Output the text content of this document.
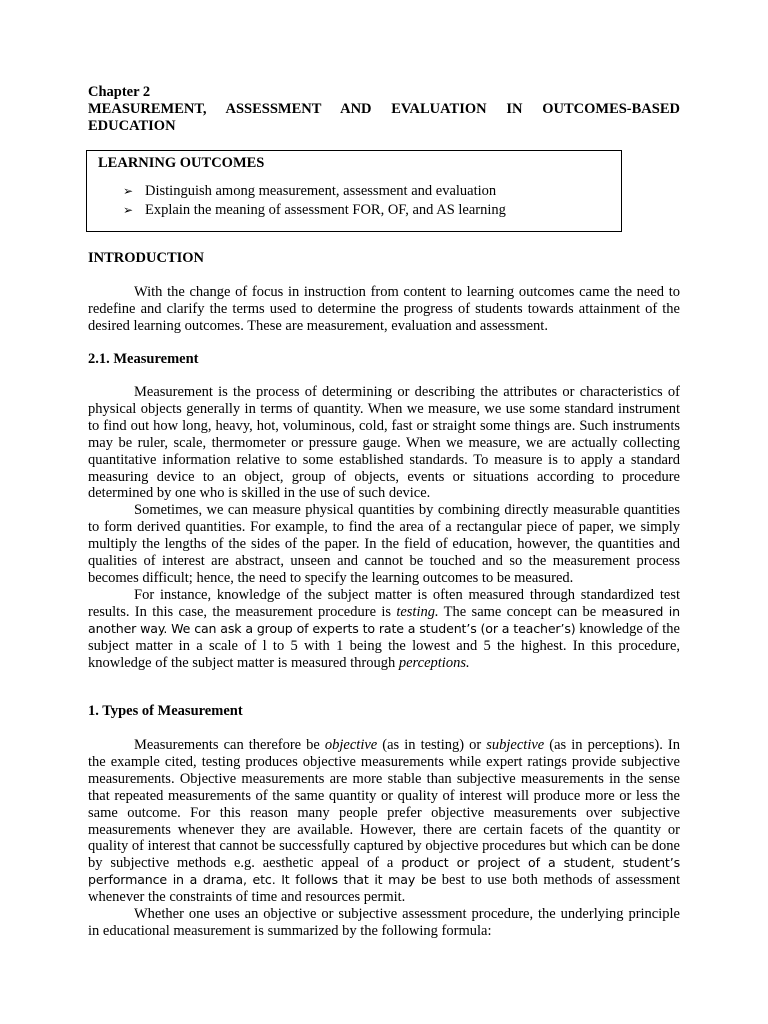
Chapter 2
MEASUREMENT, ASSESSMENT AND EVALUATION IN OUTCOMES-BASED
EDUCATION
LEARNING OUTCOMES
➢ Distinguish among measurement, assessment and evaluation
➢ Explain the meaning of assessment FOR, OF, and AS learning
INTRODUCTION

With the change of focus in instruction from content to learning outcomes came the need to redefine and clarify the terms used to determine the progress of students towards attainment of the desired learning outcomes. These are measurement, evaluation and assessment.

2.1. Measurement

Measurement is the process of determining or describing the attributes or characteristics of physical objects generally in terms of quantity. When we measure, we use some standard instrument to find out how long, heavy, hot, voluminous, cold, fast or straight some things are. Such instruments may be ruler, scale, thermometer or pressure gauge. When we measure, we are actually collecting quantitative information relative to some established standards. To measure is to apply a standard measuring device to an object, group of objects, events or situations according to procedure determined by one who is skilled in the use of such device.

Sometimes, we can measure physical quantities by combining directly measurable quantities to form derived quantities. For example, to find the area of a rectangular piece of paper, we simply multiply the lengths of the sides of the paper. In the field of education, however, the quantities and qualities of interest are abstract, unseen and cannot be touched and so the measurement process becomes difficult; hence, the need to specify the learning outcomes to be measured.

For instance, knowledge of the subject matter is often measured through standardized test results. In this case, the measurement procedure is testing. The same concept can be measured in another way. We can ask a group of experts to rate a student’s (or a teacher’s) knowledge of the subject matter in a scale of l to 5 with 1 being the lowest and 5 the highest. In this procedure, knowledge of the subject matter is measured through perceptions.

1. Types of Measurement

Measurements can therefore be objective (as in testing) or subjective (as in perceptions). In the example cited, testing produces objective measurements while expert ratings provide subjective measurements. Objective measurements are more stable than subjective measurements in the sense that repeated measurements of the same quantity or quality of interest will produce more or less the same outcome. For this reason many people prefer objective measurements over subjective measurements whenever they are available. However, there are certain facets of the quantity or quality of interest that cannot be successfully captured by objective procedures but which can be done by subjective methods e.g. aesthetic appeal of a product or project of a student, student’s performance in a drama, etc. It follows that it may be best to use both methods of assessment whenever the constraints of time and resources permit.

Whether one uses an objective or subjective assessment procedure, the underlying principle in educational measurement is summarized by the following formula:
